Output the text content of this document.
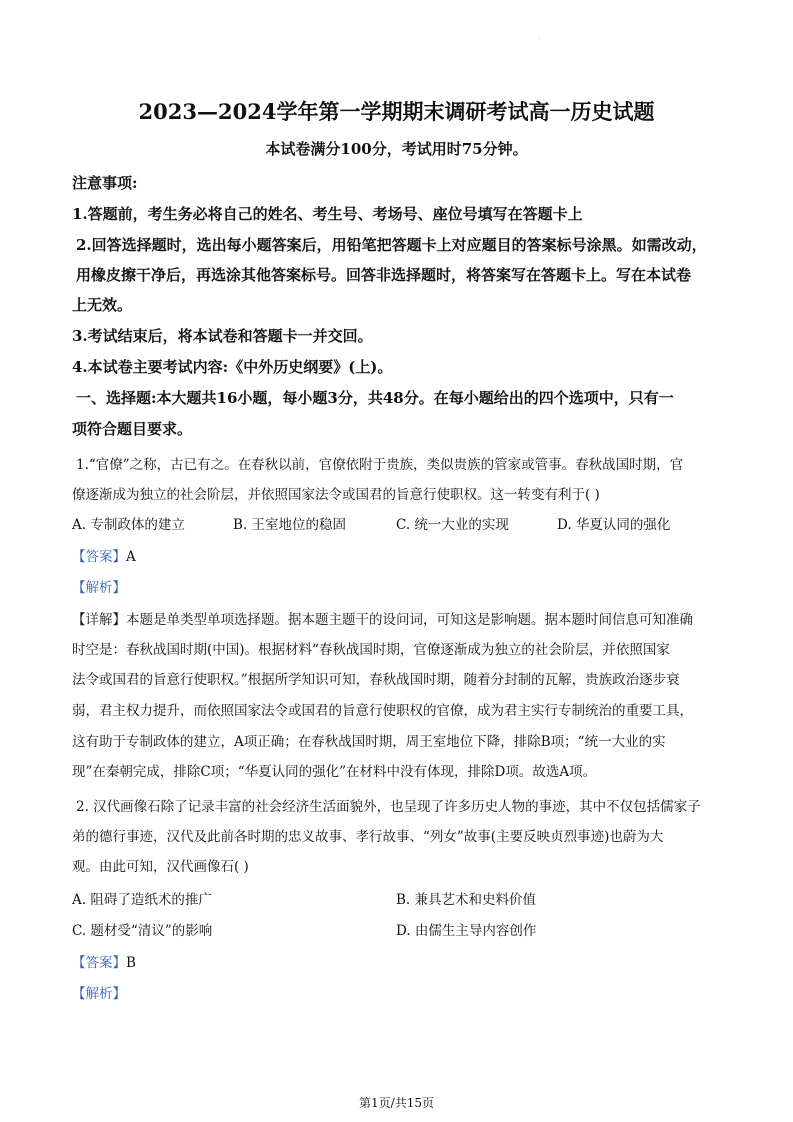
.
2023—2024学年第一学期期末调研考试高一历史试题
本试卷满分100分，考试用时75分钟。
注意事项:
1.答题前，考生务必将自己的姓名、考生号、考场号、座位号填写在答题卡上
2.回答选择题时，选出每小题答案后，用铅笔把答题卡上对应题目的答案标号涂黑。如需改动，
用橡皮擦干净后，再选涂其他答案标号。回答非选择题时，将答案写在答题卡上。写在本试卷
上无效。
3.考试结束后，将本试卷和答题卡一并交回。
4.本试卷主要考试内容:《中外历史纲要》(上)。
一、选择题:本大题共16小题，每小题3分，共48分。在每小题给出的四个选项中，只有一
项符合题目要求。
1.“官僚”之称，古已有之。在春秋以前，官僚依附于贵族，类似贵族的管家或管事。春秋战国时期，官
僚逐渐成为独立的社会阶层，并依照国家法令或国君的旨意行使职权。这一转变有利于( )
A. 专制政体的建立	B. 王室地位的稳固	C. 统一大业的实现	D. 华夏认同的强化
【答案】A
【解析】
【详解】本题是单类型单项选择题。据本题主题干的设问词，可知这是影响题。据本题时间信息可知准确
时空是：春秋战国时期(中国)。根据材料“春秋战国时期，官僚逐渐成为独立的社会阶层，并依照国家
法令或国君的旨意行使职权。”根据所学知识可知，春秋战国时期，随着分封制的瓦解，贵族政治逐步衰
弱，君主权力提升，而依照国家法令或国君的旨意行使职权的官僚，成为君主实行专制统治的重要工具，
这有助于专制政体的建立，A项正确；在春秋战国时期，周王室地位下降，排除B项；“统一大业的实
现”在秦朝完成，排除C项；“华夏认同的强化”在材料中没有体现，排除D项。故选A项。
2. 汉代画像石除了记录丰富的社会经济生活面貌外，也呈现了许多历史人物的事迹，其中不仅包括儒家子
弟的德行事迹，汉代及此前各时期的忠义故事、孝行故事、“列女”故事(主要反映贞烈事迹)也蔚为大
观。由此可知，汉代画像石( )
A. 阻碍了造纸术的推广	B. 兼具艺术和史料价值
C. 题材受“清议”的影响	D. 由儒生主导内容创作
【答案】B
【解析】
第1页/共15页
